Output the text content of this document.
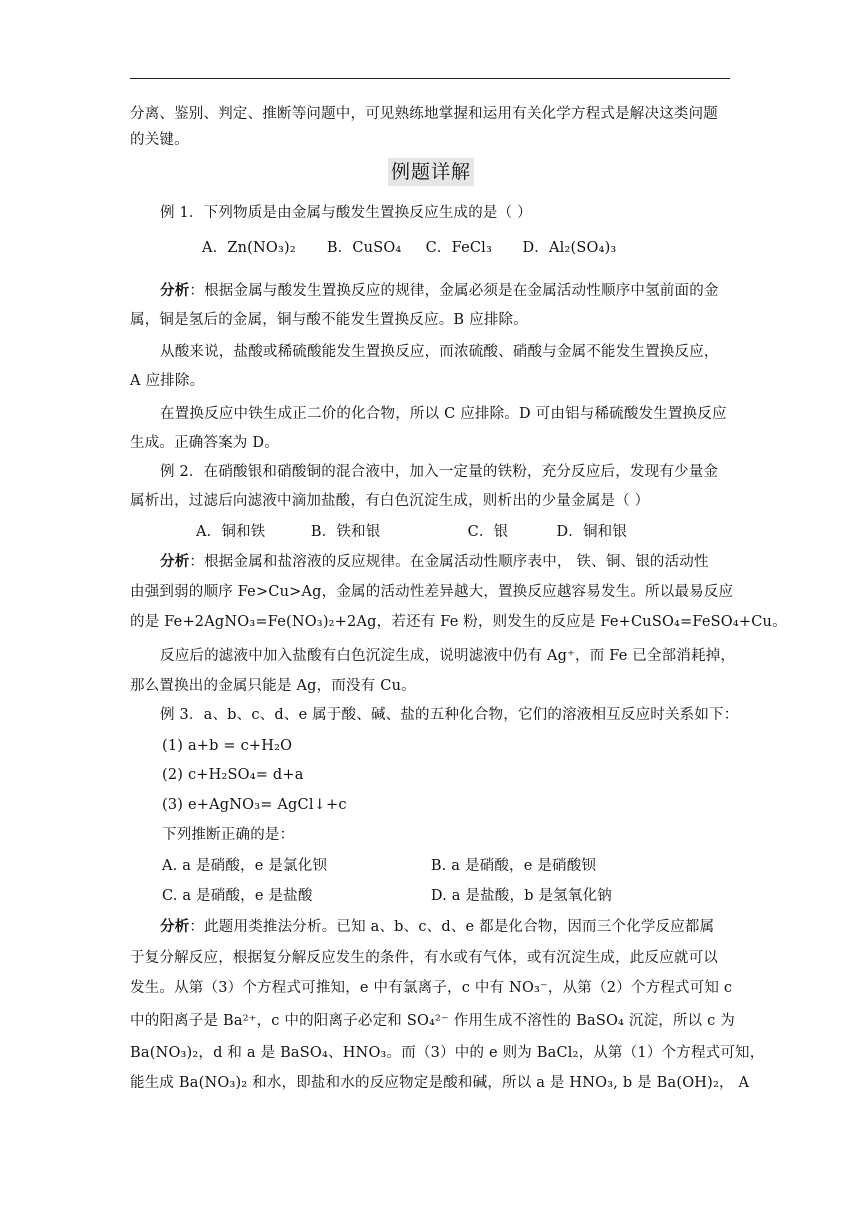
分离、鉴别、判定、推断等问题中，可见熟练地掌握和运用有关化学方程式是解决这类问题
的关键。
例题详解
例 1．下列物质是由金属与酸发生置换反应生成的是（ ）
A．Zn(NO₃)₂ B．CuSO₄ C．FeCl₃ D．Al₂(SO₄)₃
分析：根据金属与酸发生置换反应的规律，金属必须是在金属活动性顺序中氢前面的金
属，铜是氢后的金属，铜与酸不能发生置换反应。B 应排除。
从酸来说，盐酸或稀硫酸能发生置换反应，而浓硫酸、硝酸与金属不能发生置换反应，
A 应排除。
在置换反应中铁生成正二价的化合物，所以 C 应排除。D 可由铝与稀硫酸发生置换反应
生成。正确答案为 D。
例 2．在硝酸银和硝酸铜的混合液中，加入一定量的铁粉，充分反应后，发现有少量金
属析出，过滤后向滤液中滴加盐酸，有白色沉淀生成，则析出的少量金属是（ ）
A．铜和铁	B．铁和银	C．银	D．铜和银
分析：根据金属和盐溶液的反应规律。在金属活动性顺序表中， 铁、铜、银的活动性
由强到弱的顺序 Fe>Cu>Ag，金属的活动性差异越大，置换反应越容易发生。所以最易反应
的是 Fe+2AgNO₃=Fe(NO₃)₂+2Ag，若还有 Fe 粉，则发生的反应是 Fe+CuSO₄=FeSO₄+Cu。
反应后的滤液中加入盐酸有白色沉淀生成，说明滤液中仍有 Ag⁺，而 Fe 已全部消耗掉，
那么置换出的金属只能是 Ag，而没有 Cu。
例 3．a、b、c、d、e 属于酸、碱、盐的五种化合物，它们的溶液相互反应时关系如下：
(1) a+b = c+H₂O
(2) c+H₂SO₄= d+a
(3) e+AgNO₃= AgCl↓+c
下列推断正确的是：
A. a 是硝酸，e 是氯化钡	B. a 是硝酸，e 是硝酸钡
C. a 是硝酸，e 是盐酸	D. a 是盐酸，b 是氢氧化钠
分析：此题用类推法分析。已知 a、b、c、d、e 都是化合物，因而三个化学反应都属
于复分解反应，根据复分解反应发生的条件，有水或有气体，或有沉淀生成，此反应就可以
发生。从第（3）个方程式可推知，e 中有氯离子，c 中有 NO₃⁻，从第（2）个方程式可知 c
中的阳离子是 Ba²⁺，c 中的阳离子必定和 SO₄²⁻ 作用生成不溶性的 BaSO₄ 沉淀，所以 c 为
Ba(NO₃)₂，d 和 a 是 BaSO₄、HNO₃。而（3）中的 e 则为 BaCl₂，从第（1）个方程式可知，
能生成 Ba(NO₃)₂ 和水，即盐和水的反应物定是酸和碱，所以 a 是 HNO₃, b 是 Ba(OH)₂， A
